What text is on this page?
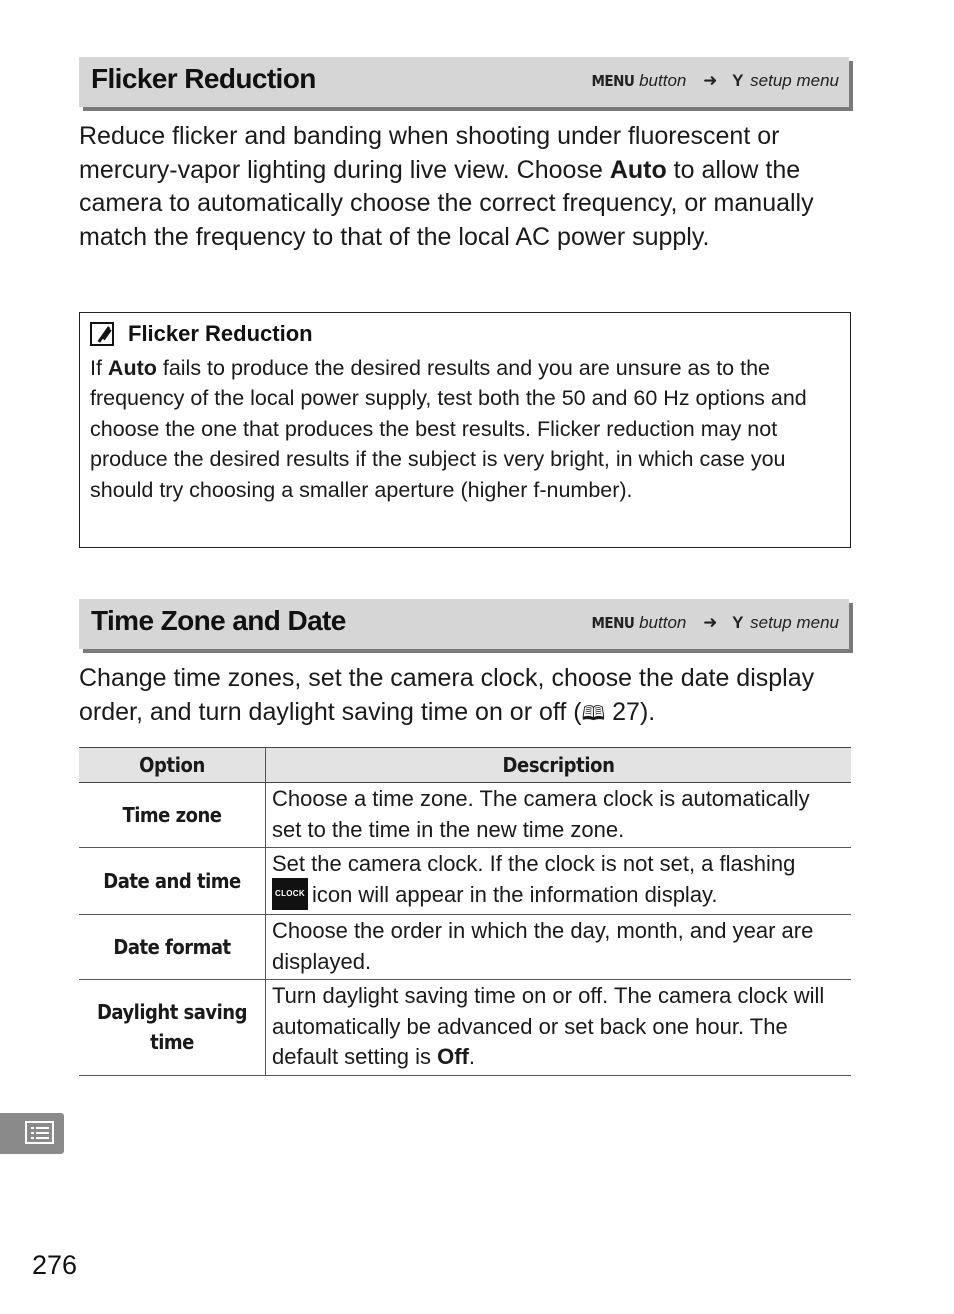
Flicker Reduction	MENU button ➜ Y setup menu
Reduce flicker and banding when shooting under fluorescent or mercury-vapor lighting during live view. Choose Auto to allow the camera to automatically choose the correct frequency, or manually match the frequency to that of the local AC power supply.
Flicker Reduction
If Auto fails to produce the desired results and you are unsure as to the frequency of the local power supply, test both the 50 and 60 Hz options and choose the one that produces the best results. Flicker reduction may not produce the desired results if the subject is very bright, in which case you should try choosing a smaller aperture (higher f-number).
Time Zone and Date	MENU button ➜ Y setup menu
Change time zones, set the camera clock, choose the date display order, and turn daylight saving time on or off (🕮 27).
Option	Description
Time zone	Choose a time zone. The camera clock is automatically set to the time in the new time zone.
Date and time	Set the camera clock. If the clock is not set, a flashing
CLOCK icon will appear in the information display.
Date format	Choose the order in which the day, month, and year are displayed.
Daylight saving time	Turn daylight saving time on or off. The camera clock will automatically be advanced or set back one hour. The default setting is Off.
276
